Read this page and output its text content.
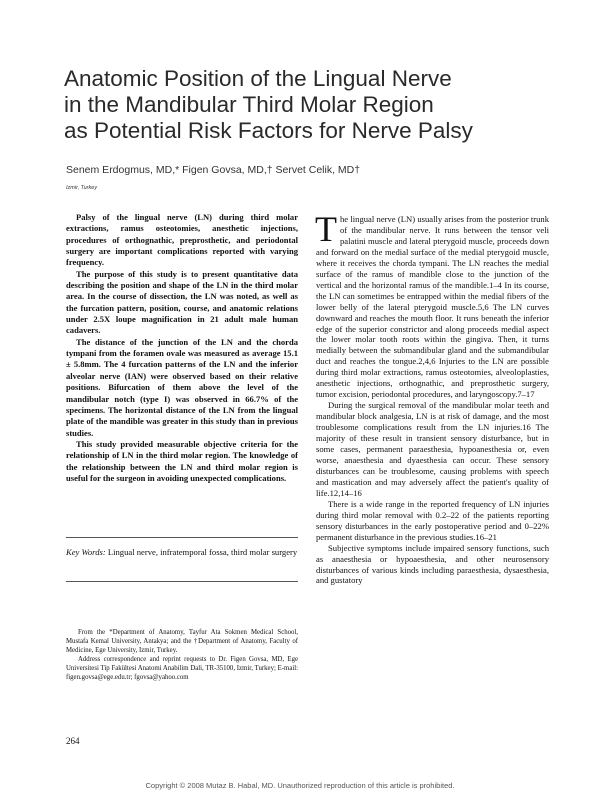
Anatomic Position of the Lingual Nerve
in the Mandibular Third Molar Region
as Potential Risk Factors for Nerve Palsy
Senem Erdogmus, MD,* Figen Govsa, MD,† Servet Celik, MD†
Izmir, Turkey

Palsy of the lingual nerve (LN) during third molar extractions, ramus osteotomies, anesthetic injections, procedures of orthognathic, preprosthetic, and periodontal surgery are important complications reported with varying frequency.

The purpose of this study is to present quantitative data describing the position and shape of the LN in the third molar area. In the course of dissection, the LN was noted, as well as the furcation pattern, position, course, and anatomic relations under 2.5X loupe magnification in 21 adult male human cadavers.

The distance of the junction of the LN and the chorda tympani from the foramen ovale was measured as average 15.1 ± 5.8mm. The 4 furcation patterns of the LN and the inferior alveolar nerve (IAN) were observed based on their relative positions. Bifurcation of them above the level of the mandibular notch (type I) was observed in 66.7% of the specimens. The horizontal distance of the LN from the lingual plate of the mandible was greater in this study than in previous studies.

This study provided measurable objective criteria for the relationship of LN in the third molar region. The knowledge of the relationship between the LN and third molar region is useful for the surgeon in avoiding unexpected complications.

Key Words: Lingual nerve, infratemporal fossa, third molar surgery

From the *Department of Anatomy, Tayfur Ata Sokmen Medical School, Mustafa Kemal University, Antakya; and the †Department of Anatomy, Faculty of Medicine, Ege University, Izmir, Turkey.

Address correspondence and reprint requests to Dr. Figen Govsa, MD, Ege Universitesi Tip Fakültesi Anatomi Anabilim Dali, TR-35100, Izmir, Turkey; E-mail: figen.govsa@ege.edu.tr; fgovsa@yahoo.com

264

The lingual nerve (LN) usually arises from the posterior trunk of the mandibular nerve. It runs between the tensor veli palatini muscle and lateral pterygoid muscle, proceeds down and forward on the medial surface of the medial pterygoid muscle, where it receives the chorda tympani. The LN reaches the medial surface of the ramus of mandible close to the junction of the vertical and the horizontal ramus of the mandible.1–4 In its course, the LN can sometimes be entrapped within the medial fibers of the lower belly of the lateral pterygoid muscle.5,6 The LN curves downward and reaches the mouth floor. It runs beneath the inferior edge of the superior constrictor and along proceeds medial aspect the lower molar tooth roots within the gingiva. Then, it turns medially between the submandibular gland and the submandibular duct and reaches the tongue.2,4,6 Injuries to the LN are possible during third molar extractions, ramus osteotomies, alveoloplasties, anesthetic injections, orthognathic, and preprosthetic surgery, tumor excision, periodontal procedures, and laryngoscopy.7–17

During the surgical removal of the mandibular molar teeth and mandibular block analgesia, LN is at risk of damage, and the most troublesome complications result from the LN injuries.16 The majority of these result in transient sensory disturbance, but in some cases, permanent paraesthesia, hypoanesthesia or, even worse, anaesthesia and dyaesthesia can occur. These sensory disturbances can be troublesome, causing problems with speech and mastication and may adversely affect the patient's quality of life.12,14–16

There is a wide range in the reported frequency of LN injuries during third molar removal with 0.2–22 of the patients reporting sensory disturbances in the early postoperative period and 0–22% permanent disturbance in the previous studies.16–21

Subjective symptoms include impaired sensory functions, such as anaesthesia or hypoaesthesia, and other neurosensory disturbances of various kinds including paraesthesia, dysaesthesia, and gustatory

Copyright © 2008 Mutaz B. Habal, MD. Unauthorized reproduction of this article is prohibited.
